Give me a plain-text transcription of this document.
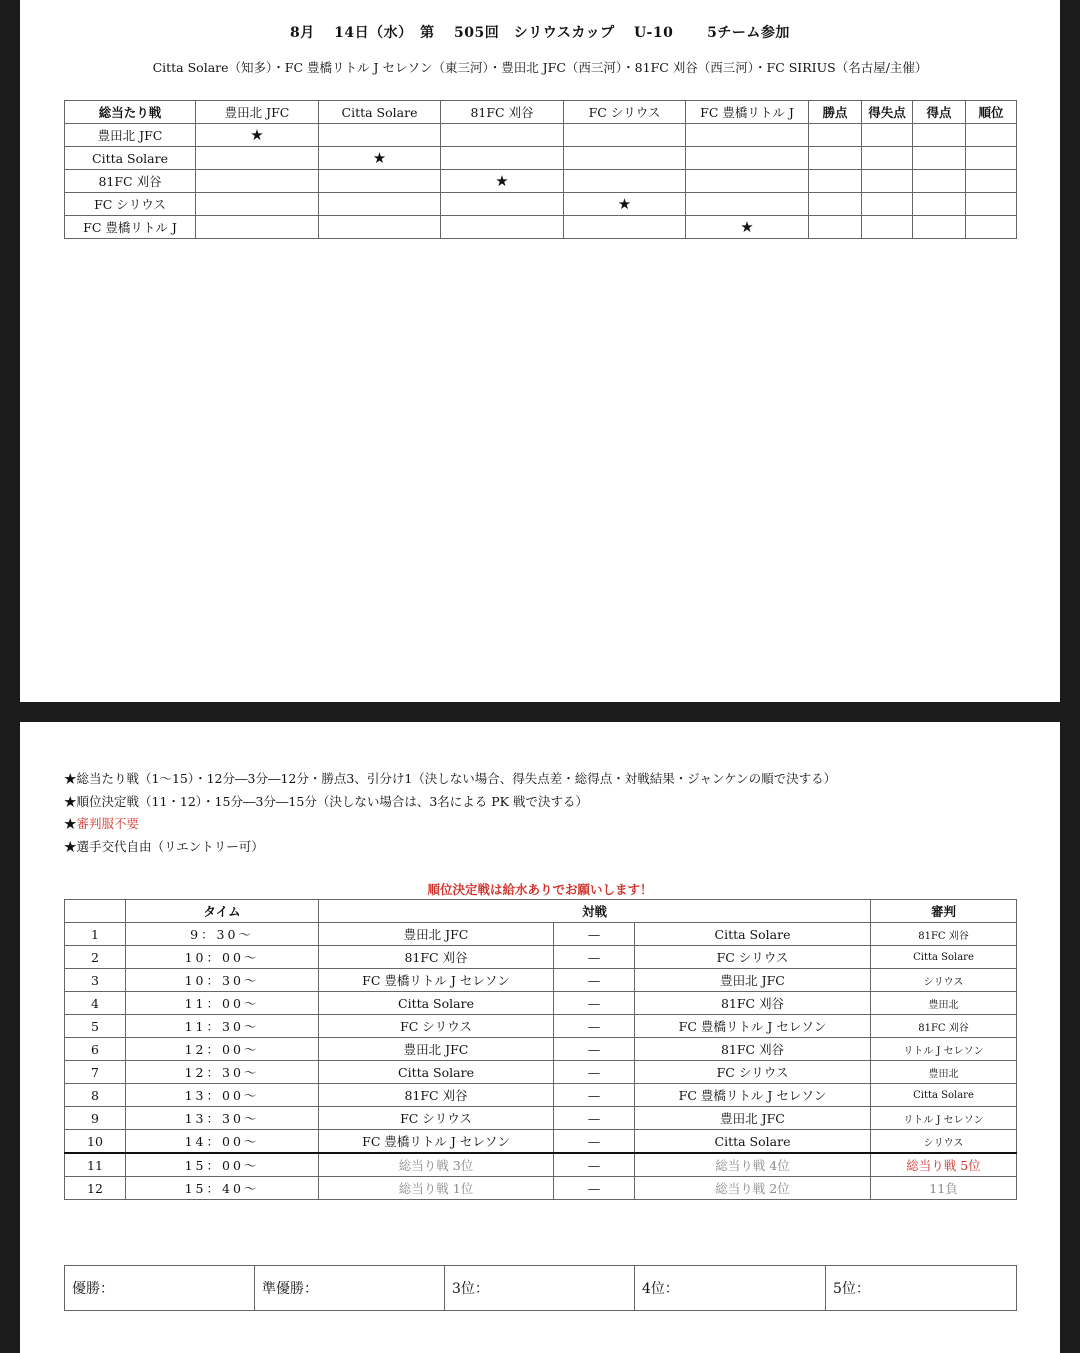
8月 14日（水）　第 505回　シリウスカップ U-10　 5チーム参加
Citta Solare（知多）・FC 豊橋リトル J セレソン（東三河）・豊田北 JFC（西三河）・81FC 刈谷（西三河）・FC SIRIUS（名古屋/主催）
総当たり戦	豊田北 JFC	Citta Solare	81FC 刈谷	FC シリウス	FC 豊橋リトル J	勝点	得失点	得点	順位
豊田北 JFC	★								
Citta Solare		★							
81FC 刈谷			★						
FC シリウス				★					
FC 豊橋リトル J					★				
★総当たり戦（1～15）・12分―3分―12分・勝点3、引分け1（決しない場合、得失点差・総得点・対戦結果・ジャンケンの順で決する）
★順位決定戦（11・12）・15分―3分―15分（決しない場合は、3名による PK 戦で決する）
★審判服不要
★選手交代自由（リエントリー可）
順位決定戦は給水ありでお願いします！
	タイム	対戦			審判
1	9：30～	豊田北 JFC	—	Citta Solare	81FC 刈谷
2	10：00～	81FC 刈谷	—	FC シリウス	Citta Solare
3	10：30～	FC 豊橋リトル J セレソン	—	豊田北 JFC	シリウス
4	11：00～	Citta Solare	—	81FC 刈谷	豊田北
5	11：30～	FC シリウス	—	FC 豊橋リトル J セレソン	81FC 刈谷
6	12：00～	豊田北 JFC	—	81FC 刈谷	リトル J セレソン
7	12：30～	Citta Solare	—	FC シリウス	豊田北
8	13：00～	81FC 刈谷	—	FC 豊橋リトル J セレソン	Citta Solare
9	13：30～	FC シリウス	—	豊田北 JFC	リトル J セレソン
10	14：00～	FC 豊橋リトル J セレソン	—	Citta Solare	シリウス
11	15：00～	総当り戦 3位	—	総当り戦 4位	総当り戦 5位
12	15：40～	総当り戦 1位	—	総当り戦 2位	11負
優勝：	準優勝：	3位：	4位：	5位：
